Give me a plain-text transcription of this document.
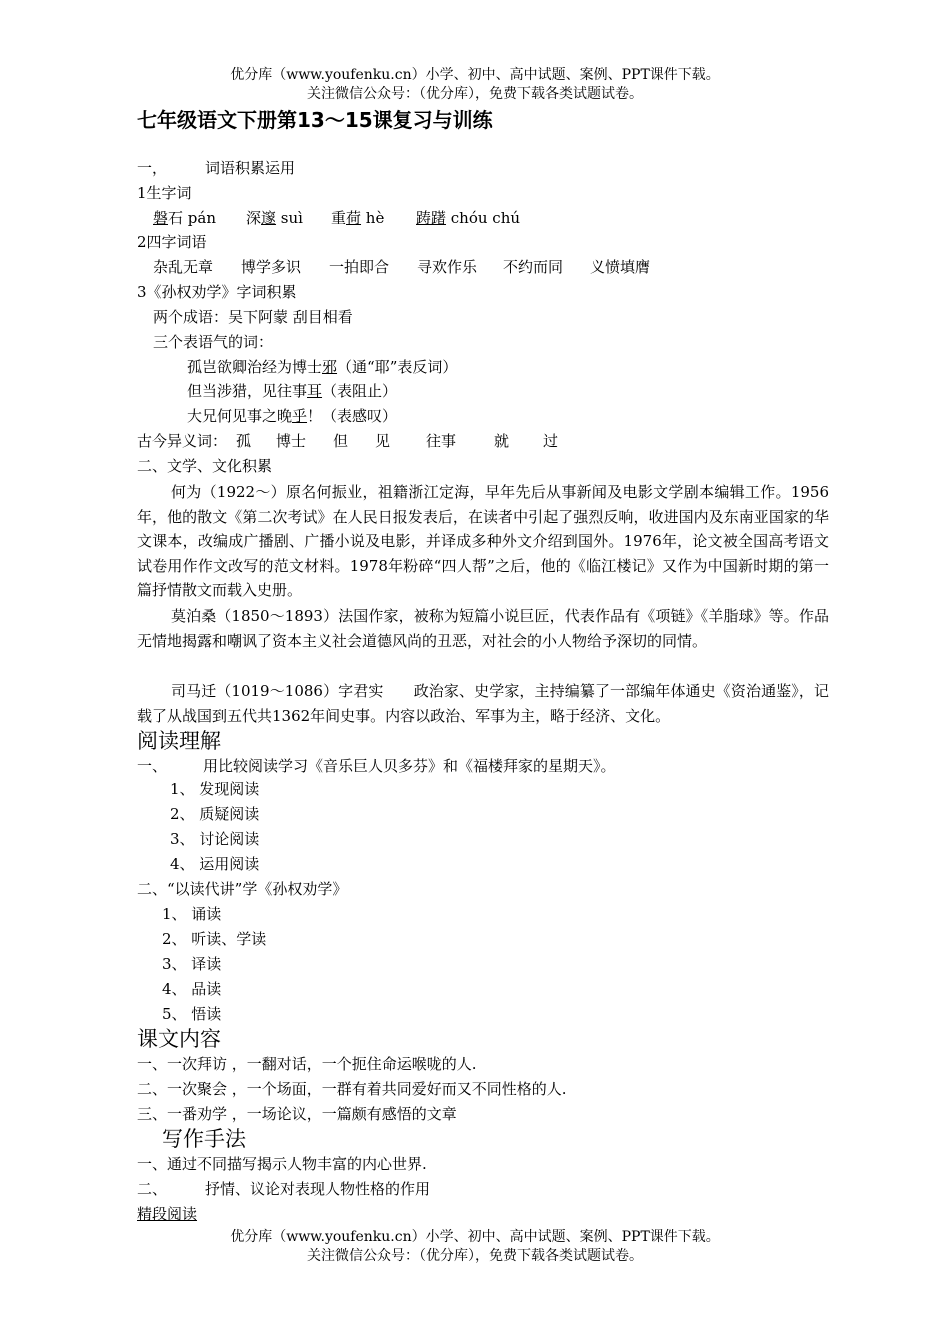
优分库（www.youfenku.cn）小学、初中、高中试题、案例、PPT课件下载。
关注微信公众号：（优分库），免费下载各类试题试卷。
七年级语文下册第13～15课复习与训练
一，	词语积累运用
1生字词
磐石 pán 深邃 suì 重荷 hè 踌躇 chóu chú
2四字词语
杂乱无章 博学多识 一拍即合 寻欢作乐 不约而同 义愤填膺
3《孙权劝学》字词积累
两个成语：吴下阿蒙 刮目相看
三个表语气的词：
孤岂欲卿治经为博士邪（通“耶”表反词）
但当涉猎，见往事耳（表阻止）
大兄何见事之晚乎！（表感叹）
古今异义词： 孤 博士 但 见 往事	就 过
二、文学、文化积累
何为（1922～）原名何振业，祖籍浙江定海，早年先后从事新闻及电影文学剧本编辑工作。1956年，他的散文《第二次考试》在人民日报发表后，在读者中引起了强烈反响，收进国内及东南亚国家的华文课本，改编成广播剧、广播小说及电影，并译成多种外文介绍到国外。1976年，论文被全国高考语文试卷用作作文改写的范文材料。1978年粉碎“四人帮”之后，他的《临江楼记》又作为中国新时期的第一篇抒情散文而载入史册。
莫泊桑（1850～1893）法国作家，被称为短篇小说巨匠，代表作品有《项链》《羊脂球》等。作品无情地揭露和嘲讽了资本主义社会道德风尚的丑恶，对社会的小人物给予深切的同情。
司马迁（1019～1086）字君实　　政治家、史学家，主持编纂了一部编年体通史《资治通鉴》，记载了从战国到五代共1362年间史事。内容以政治、军事为主，略于经济、文化。
阅读理解
一、 用比较阅读学习《音乐巨人贝多芬》和《福楼拜家的星期天》。
1、 发现阅读
2、 质疑阅读
3、 讨论阅读
4、 运用阅读
二、“以读代讲”学《孙权劝学》
1、 诵读
2、 听读、学读
3、 译读
4、 品读
5、 悟读
课文内容
一、一次拜访 ，一翻对话，一个扼住命运喉咙的人.
二、一次聚会 ，一个场面，一群有着共同爱好而又不同性格的人.
三、一番劝学 ，一场论议，一篇颇有感悟的文章
写作手法
一、通过不同描写揭示人物丰富的内心世界.
二、	抒情、议论对表现人物性格的作用
精段阅读
优分库（www.youfenku.cn）小学、初中、高中试题、案例、PPT课件下载。
关注微信公众号：（优分库），免费下载各类试题试卷。
